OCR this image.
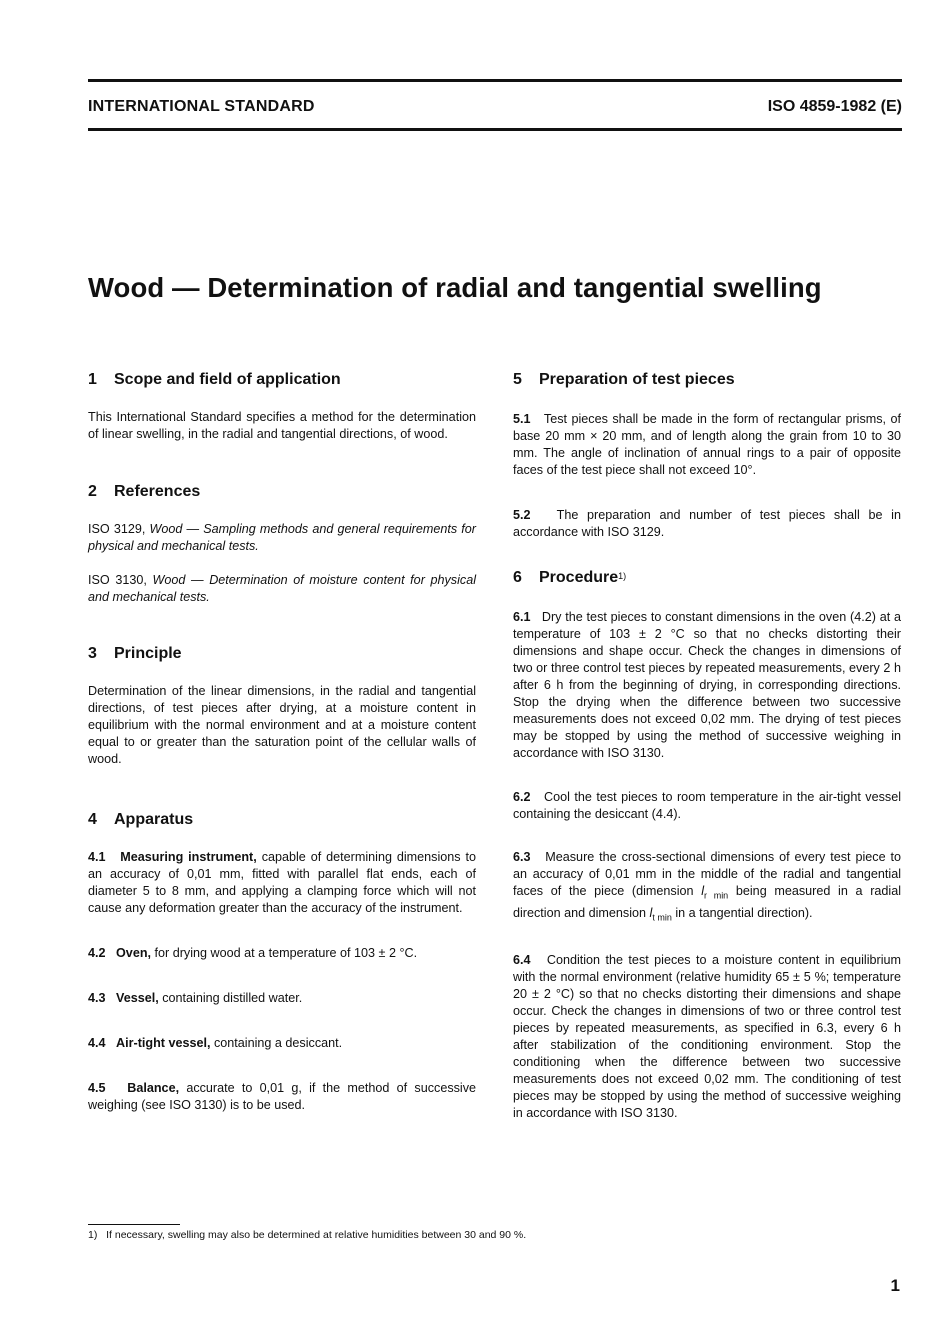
INTERNATIONAL STANDARD	ISO 4859-1982 (E)
Wood — Determination of radial and tangential swelling
1 Scope and field of application

This International Standard specifies a method for the determination of linear swelling, in the radial and tangential directions, of wood.

2 References

ISO 3129, Wood — Sampling methods and general requirements for physical and mechanical tests.

ISO 3130, Wood — Determination of moisture content for physical and mechanical tests.

3 Principle

Determination of the linear dimensions, in the radial and tangential directions, of test pieces after drying, at a moisture content in equilibrium with the normal environment and at a moisture content equal to or greater than the saturation point of the cellular walls of wood.

4 Apparatus

4.1 Measuring instrument, capable of determining dimensions to an accuracy of 0,01 mm, fitted with parallel flat ends, each of diameter 5 to 8 mm, and applying a clamping force which will not cause any deformation greater than the accuracy of the instrument.

4.2 Oven, for drying wood at a temperature of 103 ± 2 °C.

4.3 Vessel, containing distilled water.

4.4 Air-tight vessel, containing a desiccant.

4.5 Balance, accurate to 0,01 g, if the method of successive weighing (see ISO 3130) is to be used.

5 Preparation of test pieces

5.1 Test pieces shall be made in the form of rectangular prisms, of base 20 mm × 20 mm, and of length along the grain from 10 to 30 mm. The angle of inclination of annual rings to a pair of opposite faces of the test piece shall not exceed 10°.

5.2 The preparation and number of test pieces shall be in accordance with ISO 3129.

6 Procedure$^{1)}$

6.1 Dry the test pieces to constant dimensions in the oven (4.2) at a temperature of 103 ± 2 °C so that no checks distorting their dimensions and shape occur. Check the changes in dimensions of two or three control test pieces by repeated measurements, every 2 h after 6 h from the beginning of drying, in corresponding directions. Stop the drying when the difference between two successive measurements does not exceed 0,02 mm. The drying of test pieces may be stopped by using the method of successive weighing in accordance with ISO 3130.

6.2 Cool the test pieces to room temperature in the air-tight vessel containing the desiccant (4.4).

6.3 Measure the cross-sectional dimensions of every test piece to an accuracy of 0,01 mm in the middle of the radial and tangential faces of the piece (dimension $l_{r min}$ being measured in a radial direction and dimension $l_{t min}$ in a tangential direction).

6.4 Condition the test pieces to a moisture content in equilibrium with the normal environment (relative humidity 65 ± 5 %; temperature 20 ± 2 °C) so that no checks distorting their dimensions and shape occur. Check the changes in dimensions of two or three control test pieces by repeated measurements, as specified in 6.3, every 6 h after stabilization of the conditioning environment. Stop the conditioning when the difference between two successive measurements does not exceed 0,02 mm. The conditioning of test pieces may be stopped by using the method of successive weighing in accordance with ISO 3130.

1) If necessary, swelling may also be determined at relative humidities between 30 and 90 %.
1
